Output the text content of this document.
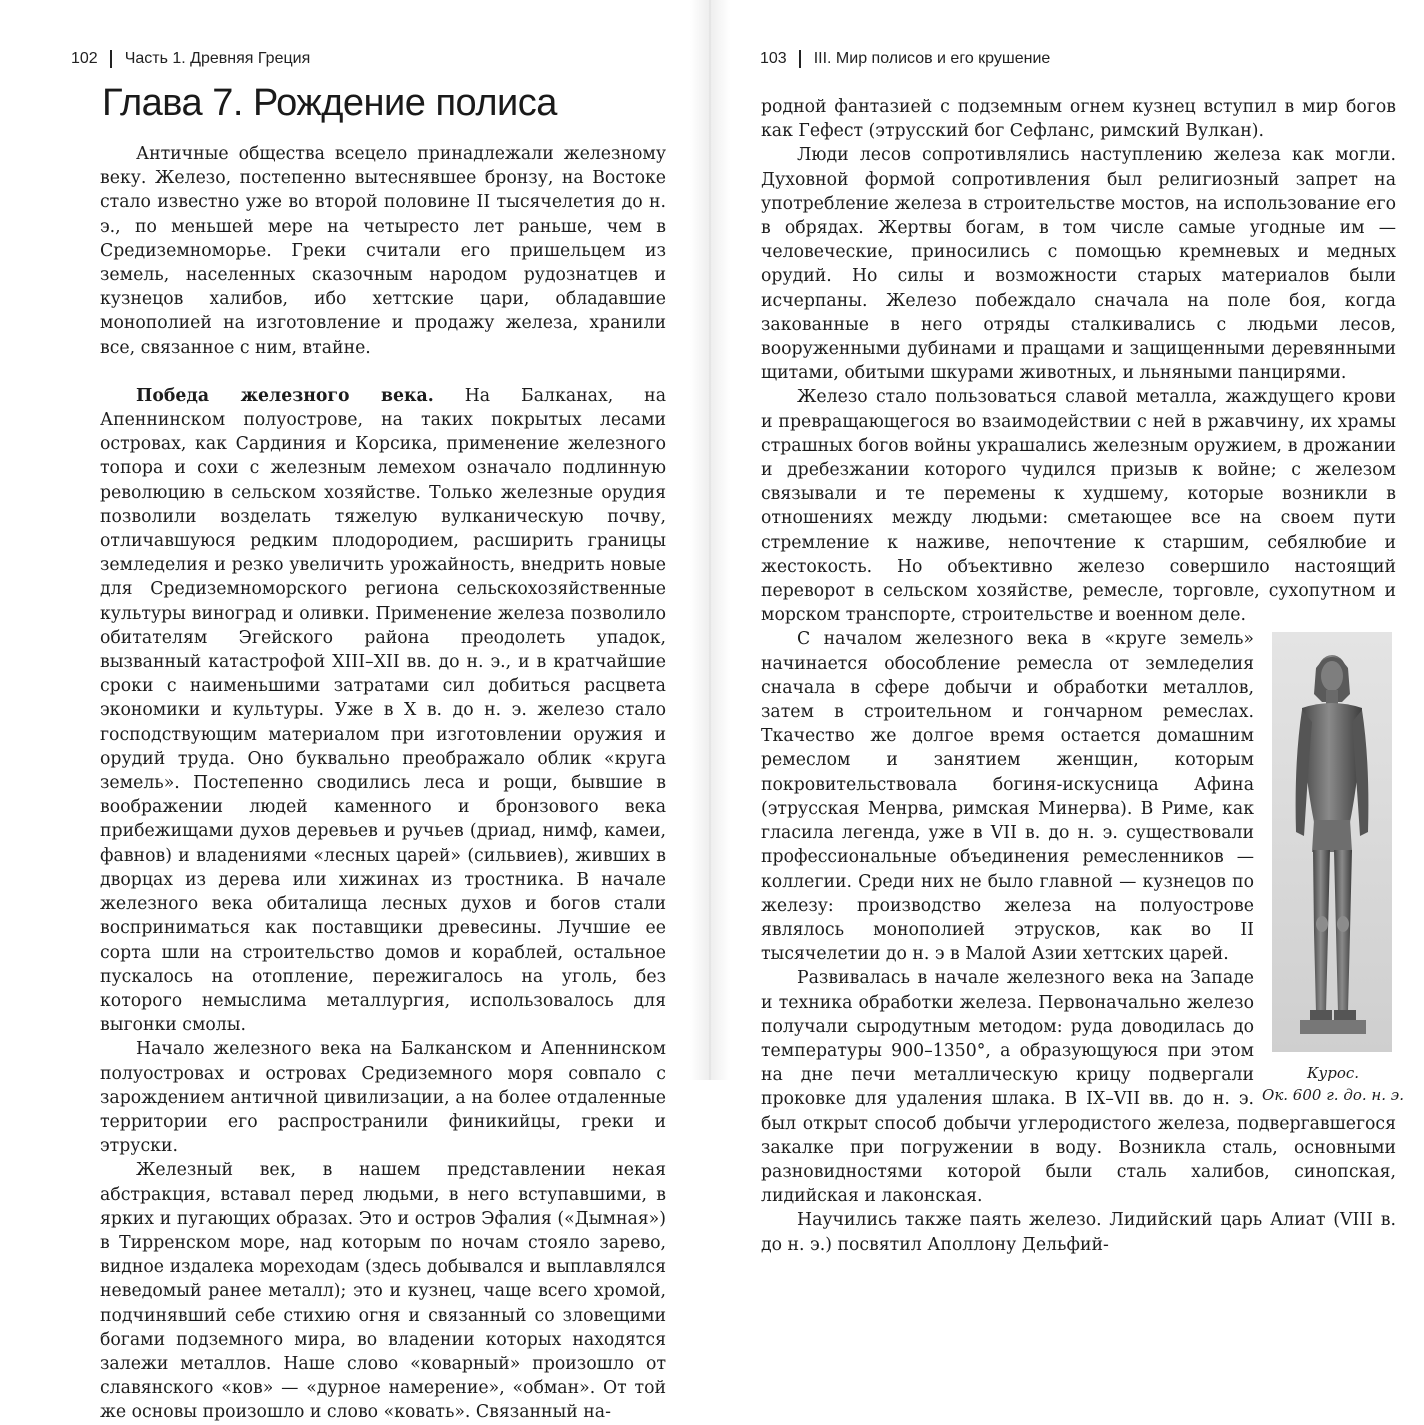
102 Часть 1. Древняя Греция
Глава 7. Рождение полиса

Античные общества всецело принадлежали железному веку. Железо, постепенно вытеснявшее бронзу, на Востоке стало известно уже во второй половине II тысячелетия до н. э., по меньшей мере на четыресто лет раньше, чем в Средиземноморье. Греки считали его пришельцем из земель, населенных сказочным народом рудознатцев и кузнецов халибов, ибо хеттские цари, обладавшие монополией на изготовление и продажу железа, хранили все, связанное с ним, втайне.

Победа железного века. На Балканах, на Апеннинском полуострове, на таких покрытых лесами островах, как Сардиния и Корсика, применение железного топора и сохи с железным лемехом означало подлинную революцию в сельском хозяйстве. Только железные орудия позволили возделать тяжелую вулканическую почву, отличавшуюся редким плодородием, расширить границы земледелия и резко увеличить урожайность, внедрить новые для Средиземноморского региона сельскохозяйственные культуры виноград и оливки. Применение железа позволило обитателям Эгейского района преодолеть упадок, вызванный катастрофой XIII–XII вв. до н. э., и в кратчайшие сроки с наименьшими затратами сил добиться расцвета экономики и культуры. Уже в X в. до н. э. железо стало господствующим материалом при изготовлении оружия и орудий труда. Оно буквально преображало облик «круга земель». Постепенно сводились леса и рощи, бывшие в воображении людей каменного и бронзового века прибежищами духов деревьев и ручьев (дриад, нимф, камеи, фавнов) и владениями «лесных царей» (сильвиев), живших в дворцах из дерева или хижинах из тростника. В начале железного века обиталища лесных духов и богов стали восприниматься как поставщики древесины. Лучшие ее сорта шли на строительство домов и кораблей, остальное пускалось на отопление, пережигалось на уголь, без которого немыслима металлургия, использовалось для выгонки смолы.

Начало железного века на Балканском и Апеннинском полуостровах и островах Средиземного моря совпало с зарождением античной цивилизации, а на более отдаленные территории его распространили финикийцы, греки и этруски.

Железный век, в нашем представлении некая абстракция, вставал перед людьми, в него вступавшими, в ярких и пугающих образах. Это и остров Эфалия («Дымная») в Тирренском море, над которым по ночам стояло зарево, видное издалека мореходам (здесь добывался и выплавлялся неведомый ранее металл); это и кузнец, чаще всего хромой, подчинявший себе стихию огня и связанный со зловещими богами подземного мира, во владении которых находятся залежи металлов. Наше слово «коварный» произошло от славянского «ков» — «дурное намерение», «обман». От той же основы произошло и слово «ковать». Связанный на-

103 III. Мир полисов и его крушение

родной фантазией с подземным огнем кузнец вступил в мир богов как Гефест (этрусский бог Сефланс, римский Вулкан).

Люди лесов сопротивлялись наступлению железа как могли. Духовной формой сопротивления был религиозный запрет на употребление железа в строительстве мостов, на использование его в обрядах. Жертвы богам, в том числе самые угодные им — человеческие, приносились с помощью кремневых и медных орудий. Но силы и возможности старых материалов были исчерпаны. Железо побеждало сначала на поле боя, когда закованные в него отряды сталкивались с людьми лесов, вооруженными дубинами и пращами и защищенными деревянными щитами, обитыми шкурами животных, и льняными панцирями.

Железо стало пользоваться славой металла, жаждущего крови и превращающегося во взаимодействии с ней в ржавчину, их храмы страшных богов войны украшались железным оружием, в дрожании и дребезжании которого чудился призыв к войне; с железом связывали и те перемены к худшему, которые возникли в отношениях между людьми: сметающее все на своем пути стремление к наживе, непочтение к старшим, себялюбие и жестокость. Но объективно железо совершило настоящий переворот в сельском хозяйстве, ремесле, торговле, сухопутном и морском транспорте, строительстве и военном деле.

Курос.
Ок. 600 г. до. н. э.

С началом железного века в «круге земель» начинается обособление ремесла от земледелия сначала в сфере добычи и обработки металлов, затем в строительном и гончарном ремеслах. Ткачество же долгое время остается домашним ремеслом и занятием женщин, которым покровительствовала богиня-искусница Афина (этрусская Менрва, римская Минерва). В Риме, как гласила легенда, уже в VII в. до н. э. существовали профессиональные объединения ремесленников — коллегии. Среди них не было главной — кузнецов по железу: производство железа на полуострове являлось монополией этрусков, как во II тысячелетии до н. э в Малой Азии хеттских царей.

Развивалась в начале железного века на Западе и техника обработки железа. Первоначально железо получали сыродутным методом: руда доводилась до температуры 900–1350°, а образующуюся при этом на дне печи металлическую крицу подвергали проковке для удаления шлака. В IX–VII вв. до н. э. был открыт способ добычи углеродистого железа, подвергавшегося закалке при погружении в воду. Возникла сталь, основными разновидностями которой были сталь халибов, синопская, лидийская и лаконская.

Научились также паять железо. Лидийский царь Алиат (VIII в. до н. э.) посвятил Аполлону Дельфий-
